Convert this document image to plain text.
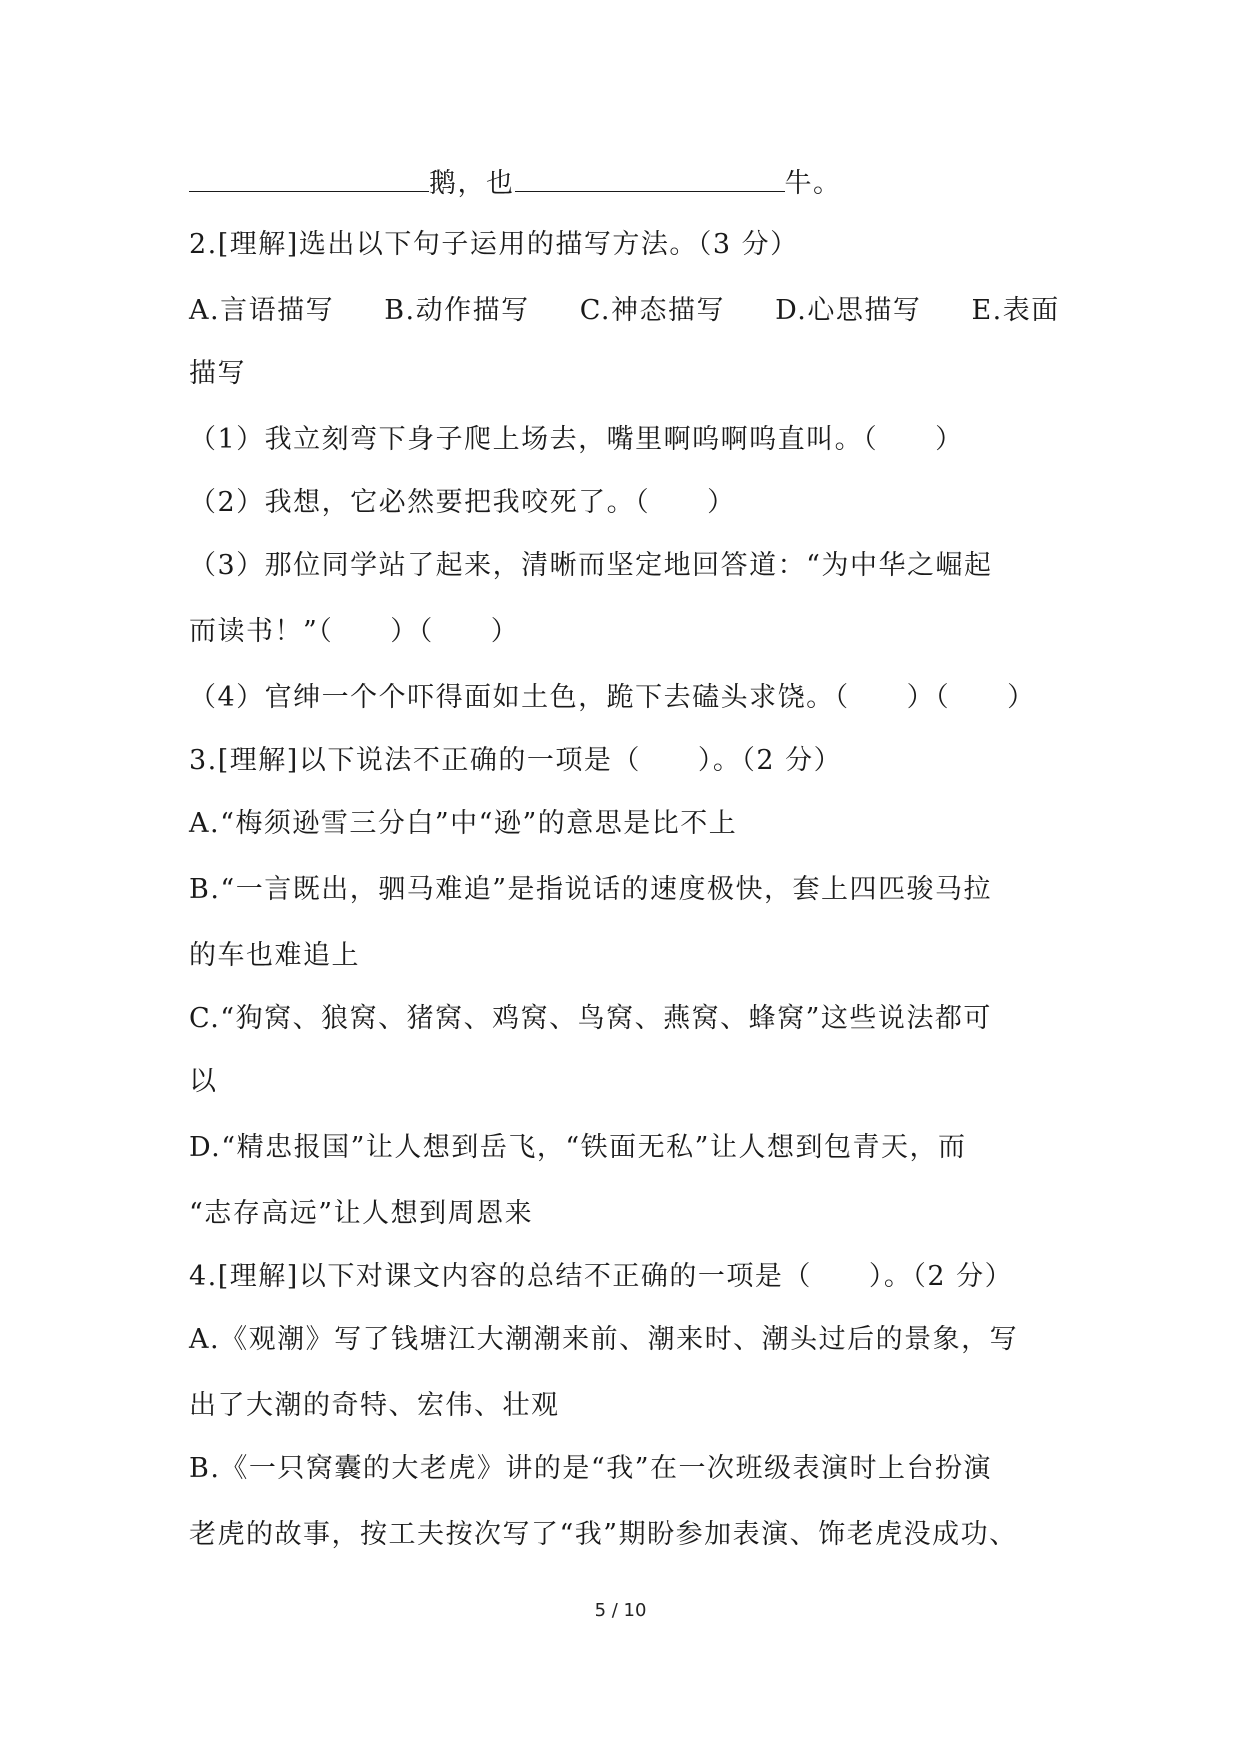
鹅，也	牛。
2.[理解]选出以下句子运用的描写方法。（3 分）
A.言语描写 B.动作描写 C.神态描写 D.心思描写 E.表面
描写
（1）我立刻弯下身子爬上场去，嘴里啊呜啊呜直叫。（　　）
（2）我想，它必然要把我咬死了。（　　）
（3）那位同学站了起来，清晰而坚定地回答道：“为中华之崛起
而读书！”（　　）（　　）
（4）官绅一个个吓得面如土色，跪下去磕头求饶。（　　）（　　）
3.[理解]以下说法不正确的一项是（　　）。（2 分）
A.“梅须逊雪三分白”中“逊”的意思是比不上
B.“一言既出，驷马难追”是指说话的速度极快，套上四匹骏马拉
的车也难追上
C.“狗窝、狼窝、猪窝、鸡窝、鸟窝、燕窝、蜂窝”这些说法都可
以
D.“精忠报国”让人想到岳飞，“铁面无私”让人想到包青天，而
“志存高远”让人想到周恩来
4.[理解]以下对课文内容的总结不正确的一项是（　　）。（2 分）
A.《观潮》写了钱塘江大潮潮来前、潮来时、潮头过后的景象，写
出了大潮的奇特、宏伟、壮观
B.《一只窝囊的大老虎》讲的是“我”在一次班级表演时上台扮演
老虎的故事，按工夫按次写了“我”期盼参加表演、饰老虎没成功、
5 / 10
